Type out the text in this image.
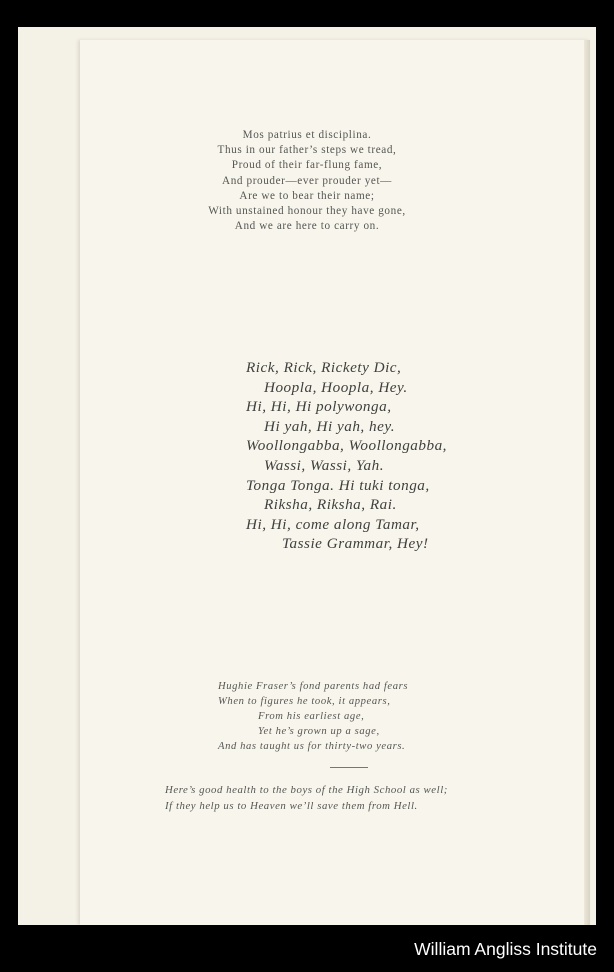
Mos patrius et disciplina.
Thus in our father’s steps we tread,
Proud of their far-flung fame,
And prouder—ever prouder yet—
Are we to bear their name;
With unstained honour they have gone,
And we are here to carry on.
Rick, Rick, Rickety Dic,
Hoopla, Hoopla, Hey.
Hi, Hi, Hi polywonga,
Hi yah, Hi yah, hey.
Woollongabba, Woollongabba,
Wassi, Wassi, Yah.
Tonga Tonga. Hi tuki tonga,
Riksha, Riksha, Rai.
Hi, Hi, come along Tamar,
Tassie Grammar, Hey!
Hughie Fraser’s fond parents had fears
When to figures he took, it appears,
From his earliest age,
Yet he’s grown up a sage,
And has taught us for thirty-two years.
Here’s good health to the boys of the High School as well;
If they help us to Heaven we’ll save them from Hell.
William Angliss Institute
